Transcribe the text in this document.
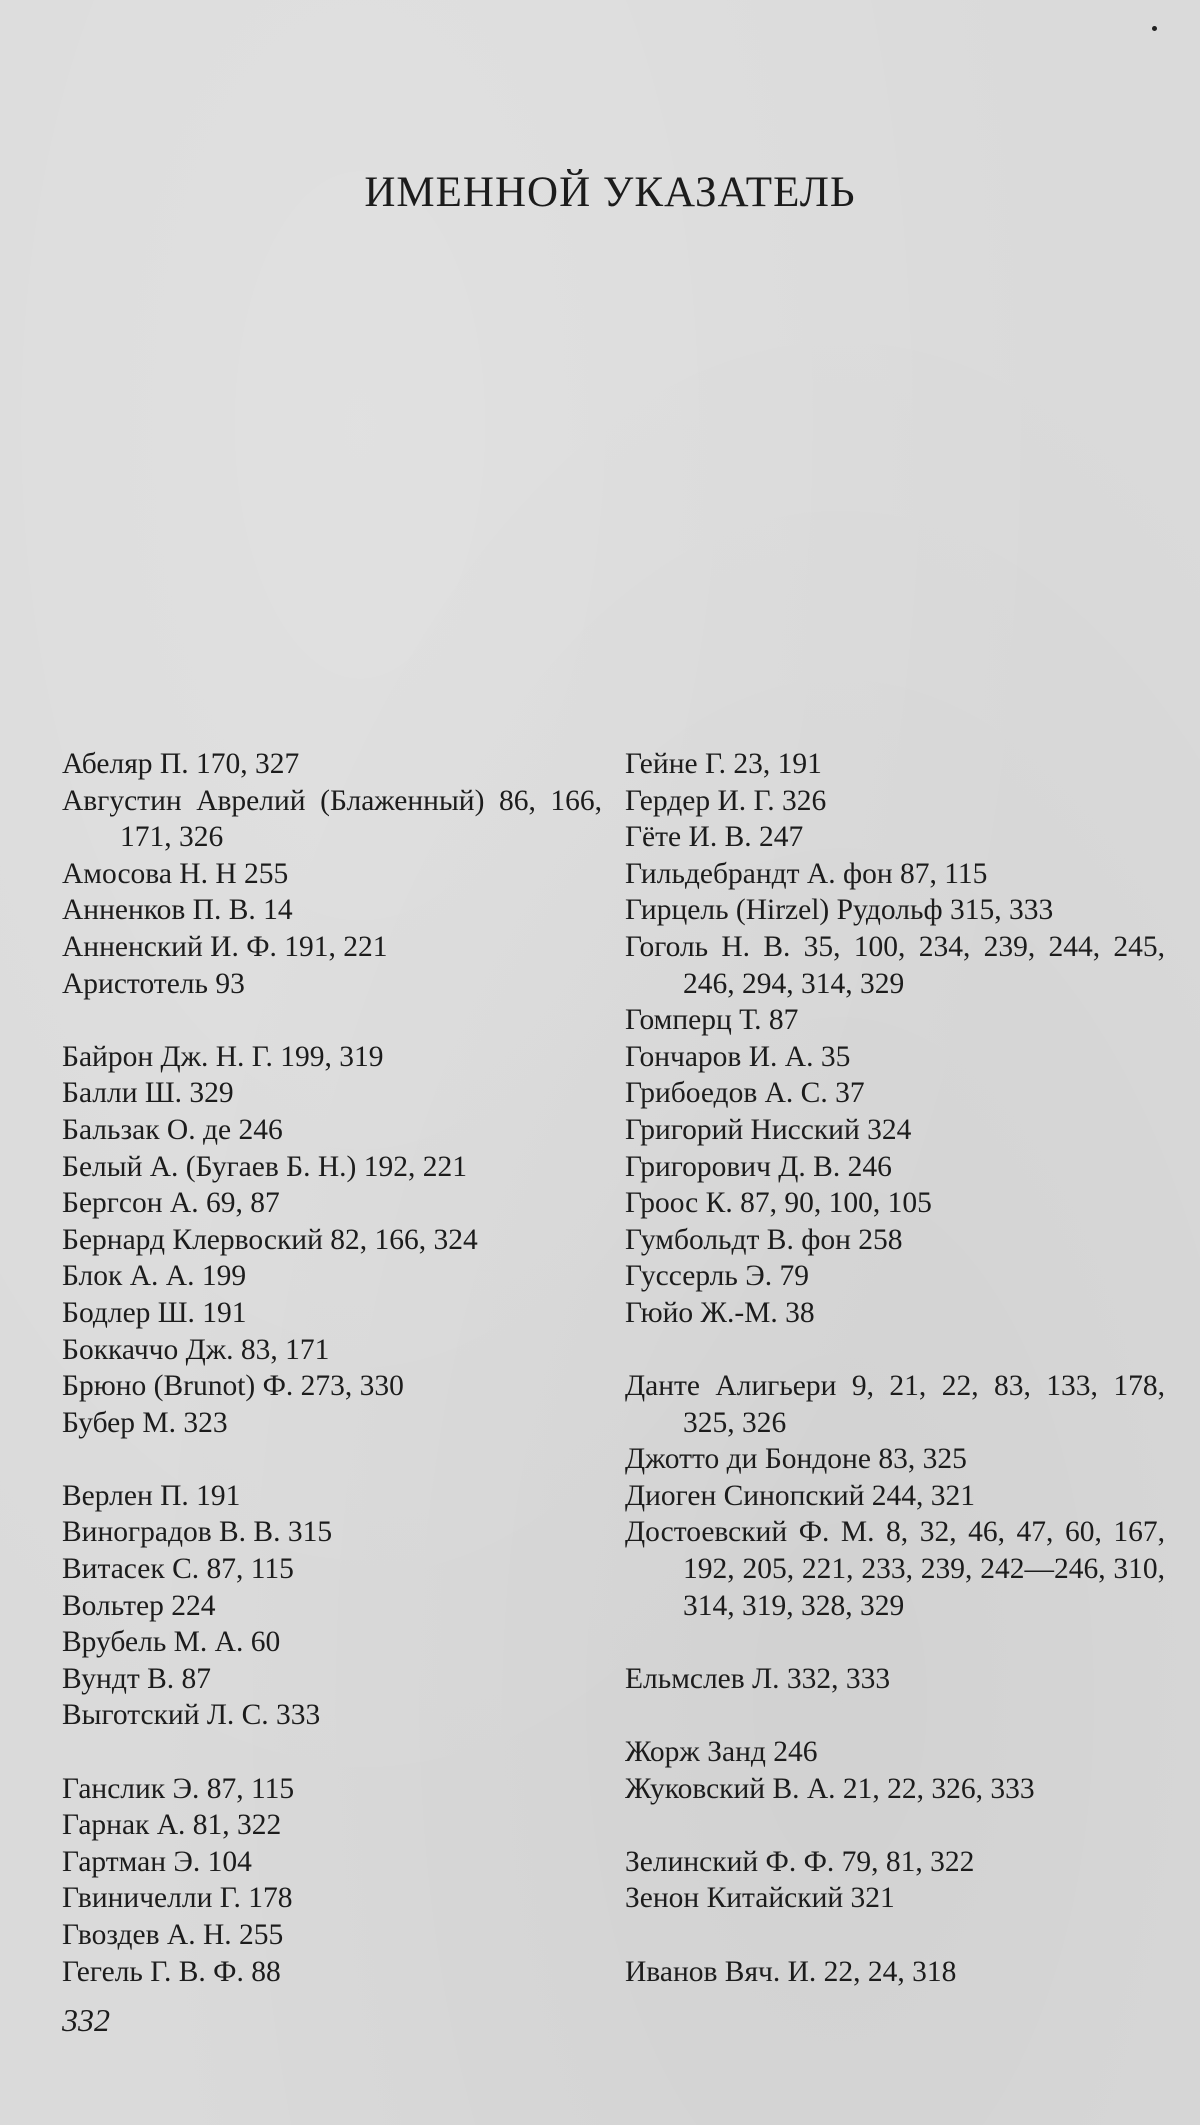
ИМЕННОЙ УКАЗАТЕЛЬ
Абеляр П. 170, 327
Августин Аврелий (Блаженный) 86, 166, 171, 326
Амосова Н. Н 255
Анненков П. В. 14
Анненский И. Ф. 191, 221
Аристотель 93
Байрон Дж. Н. Г. 199, 319
Балли Ш. 329
Бальзак О. де 246
Белый А. (Бугаев Б. Н.) 192, 221
Бергсон А. 69, 87
Бернард Клервоский 82, 166, 324
Блок А. А. 199
Бодлер Ш. 191
Боккаччо Дж. 83, 171
Брюно (Brunot) Ф. 273, 330
Бубер М. 323
Верлен П. 191
Виноградов В. В. 315
Витасек С. 87, 115
Вольтер 224
Врубель М. А. 60
Вундт В. 87
Выготский Л. С. 333
Ганслик Э. 87, 115
Гарнак А. 81, 322
Гартман Э. 104
Гвиничелли Г. 178
Гвоздев А. Н. 255
Гегель Г. В. Ф. 88
Гейне Г. 23, 191
Гердер И. Г. 326
Гёте И. В. 247
Гильдебрандт А. фон 87, 115
Гирцель (Hirzel) Рудольф 315, 333
Гоголь Н. В. 35, 100, 234, 239, 244, 245, 246, 294, 314, 329
Гомперц Т. 87
Гончаров И. А. 35
Грибоедов А. С. 37
Григорий Нисский 324
Григорович Д. В. 246
Гроос К. 87, 90, 100, 105
Гумбольдт В. фон 258
Гуссерль Э. 79
Гюйо Ж.-М. 38
Данте Алигьери 9, 21, 22, 83, 133, 178, 325, 326
Джотто ди Бондоне 83, 325
Диоген Синопский 244, 321
Достоевский Ф. М. 8, 32, 46, 47, 60, 167, 192, 205, 221, 233, 239, 242—246, 310, 314, 319, 328, 329
Ельмслев Л. 332, 333
Жорж Занд 246
Жуковский В. А. 21, 22, 326, 333
Зелинский Ф. Ф. 79, 81, 322
Зенон Китайский 321
Иванов Вяч. И. 22, 24, 318
332
